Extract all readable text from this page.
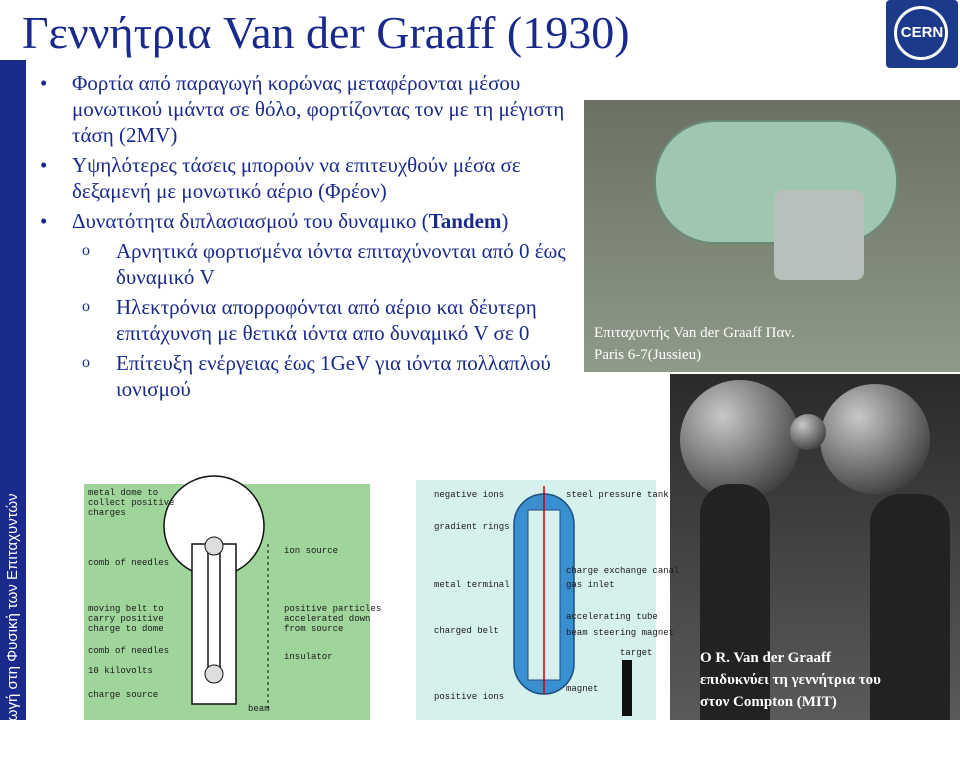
Γεννήτρια Van der Graaff (1930)	CERN
Εισαγωγή στη Φυσική των Επιταχυντών
• Φορτία από παραγωγή κορώνας μεταφέρονται μέσου μονωτικού ιμάντα σε θόλο, φορτίζοντας τον με τη μέγιστη τάση (2MV)
• Υψηλότερες τάσεις μπορούν να επιτευχθούν μέσα σε δεξαμενή με μονωτικό αέριο (Φρέον)
• Δυνατότητα διπλασιασμού του δυναμικο (Tandem)
o Αρνητικά φορτισμένα ιόντα επιταχύνονται από 0 έως δυναμικό V
o Ηλεκτρόνια απορροφόνται από αέριο και δέυτερη επιτάχυνση με θετικά ιόντα απο δυναμικό V σε 0
o Επίτευξη ενέργειας έως 1GeV για ιόντα πολλαπλού ιονισμού
Επιταχυντής Van der Graaff Παν.
Paris 6-7(Jussieu)
Ο R. Van der Graaff
επιδυκνύει τη γεννήτρια του
στον Compton (MIT)
metal dome to
collect positive
charges
comb of needles
ion source
moving belt to
carry positive
charge to dome
positive particles
accelerated down
from source
comb of needles
insulator
10 kilovolts
charge source
beam
negative ions	steel pressure tank
gradient rings
charge exchange canal
metal terminal	gas inlet
accelerating tube
charged belt	beam steering magnet
target
magnet
positive ions
